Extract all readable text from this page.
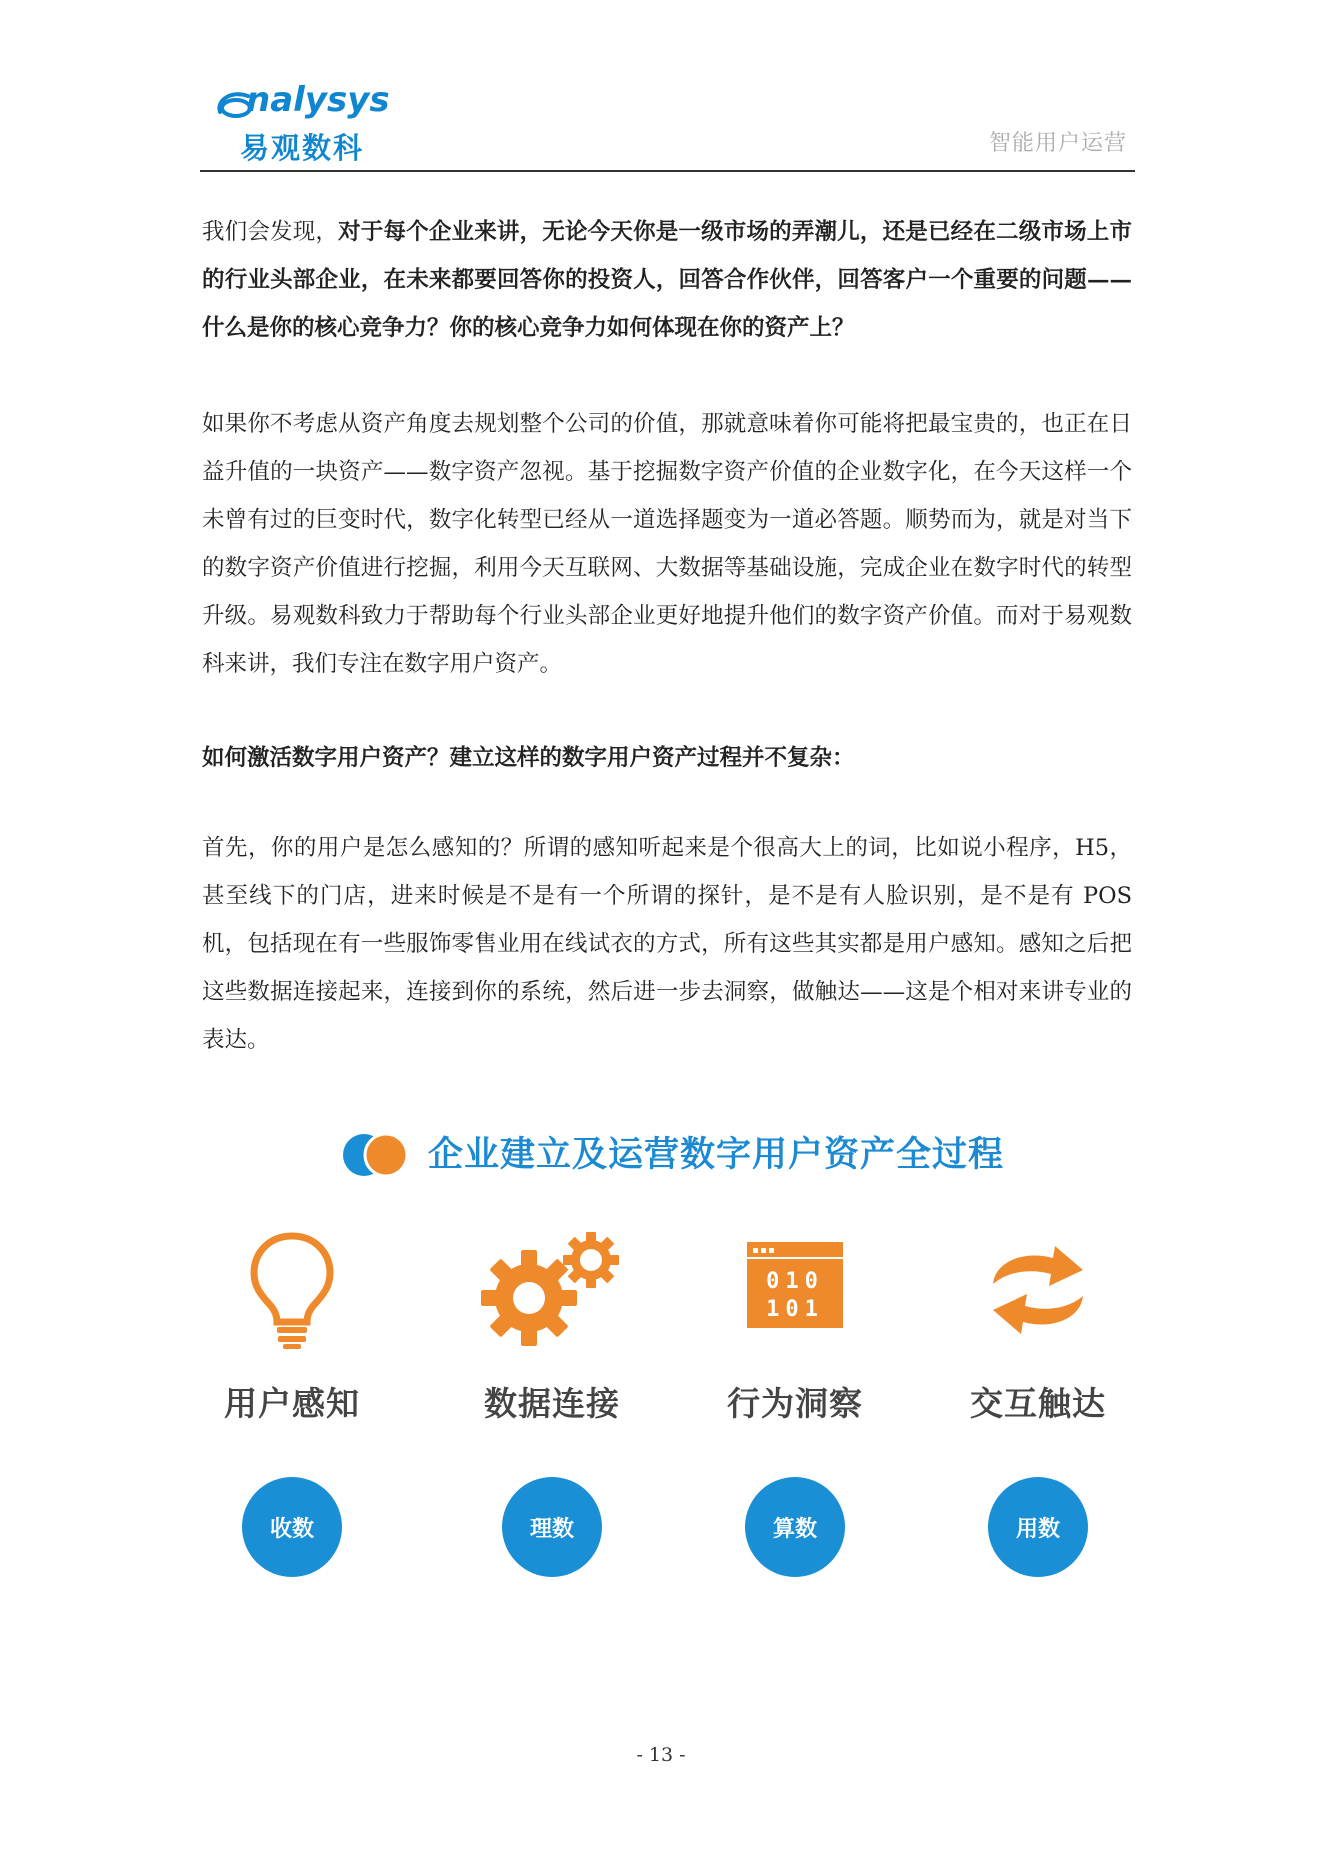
nalysys
易观数科	智能用户运营
我们会发现，对于每个企业来讲，无论今天你是一级市场的弄潮儿，还是已经在二级市场上市的行业头部企业，在未来都要回答你的投资人，回答合作伙伴，回答客户一个重要的问题——什么是你的核心竞争力？你的核心竞争力如何体现在你的资产上？
如果你不考虑从资产角度去规划整个公司的价值，那就意味着你可能将把最宝贵的，也正在日益升值的一块资产——数字资产忽视。基于挖掘数字资产价值的企业数字化，在今天这样一个未曾有过的巨变时代，数字化转型已经从一道选择题变为一道必答题。顺势而为，就是对当下的数字资产价值进行挖掘，利用今天互联网、大数据等基础设施，完成企业在数字时代的转型升级。易观数科致力于帮助每个行业头部企业更好地提升他们的数字资产价值。而对于易观数科来讲，我们专注在数字用户资产。
如何激活数字用户资产？建立这样的数字用户资产过程并不复杂：
首先，你的用户是怎么感知的？所谓的感知听起来是个很高大上的词，比如说小程序，H5，甚至线下的门店，进来时候是不是有一个所谓的探针，是不是有人脸识别，是不是有 POS 机，包括现在有一些服饰零售业用在线试衣的方式，所有这些其实都是用户感知。感知之后把这些数据连接起来，连接到你的系统，然后进一步去洞察，做触达——这是个相对来讲专业的表达。
企业建立及运营数字用户资产全过程
用户感知
收数
数据连接
理数
010
101
行为洞察
算数
交互触达
用数
- 13 -
